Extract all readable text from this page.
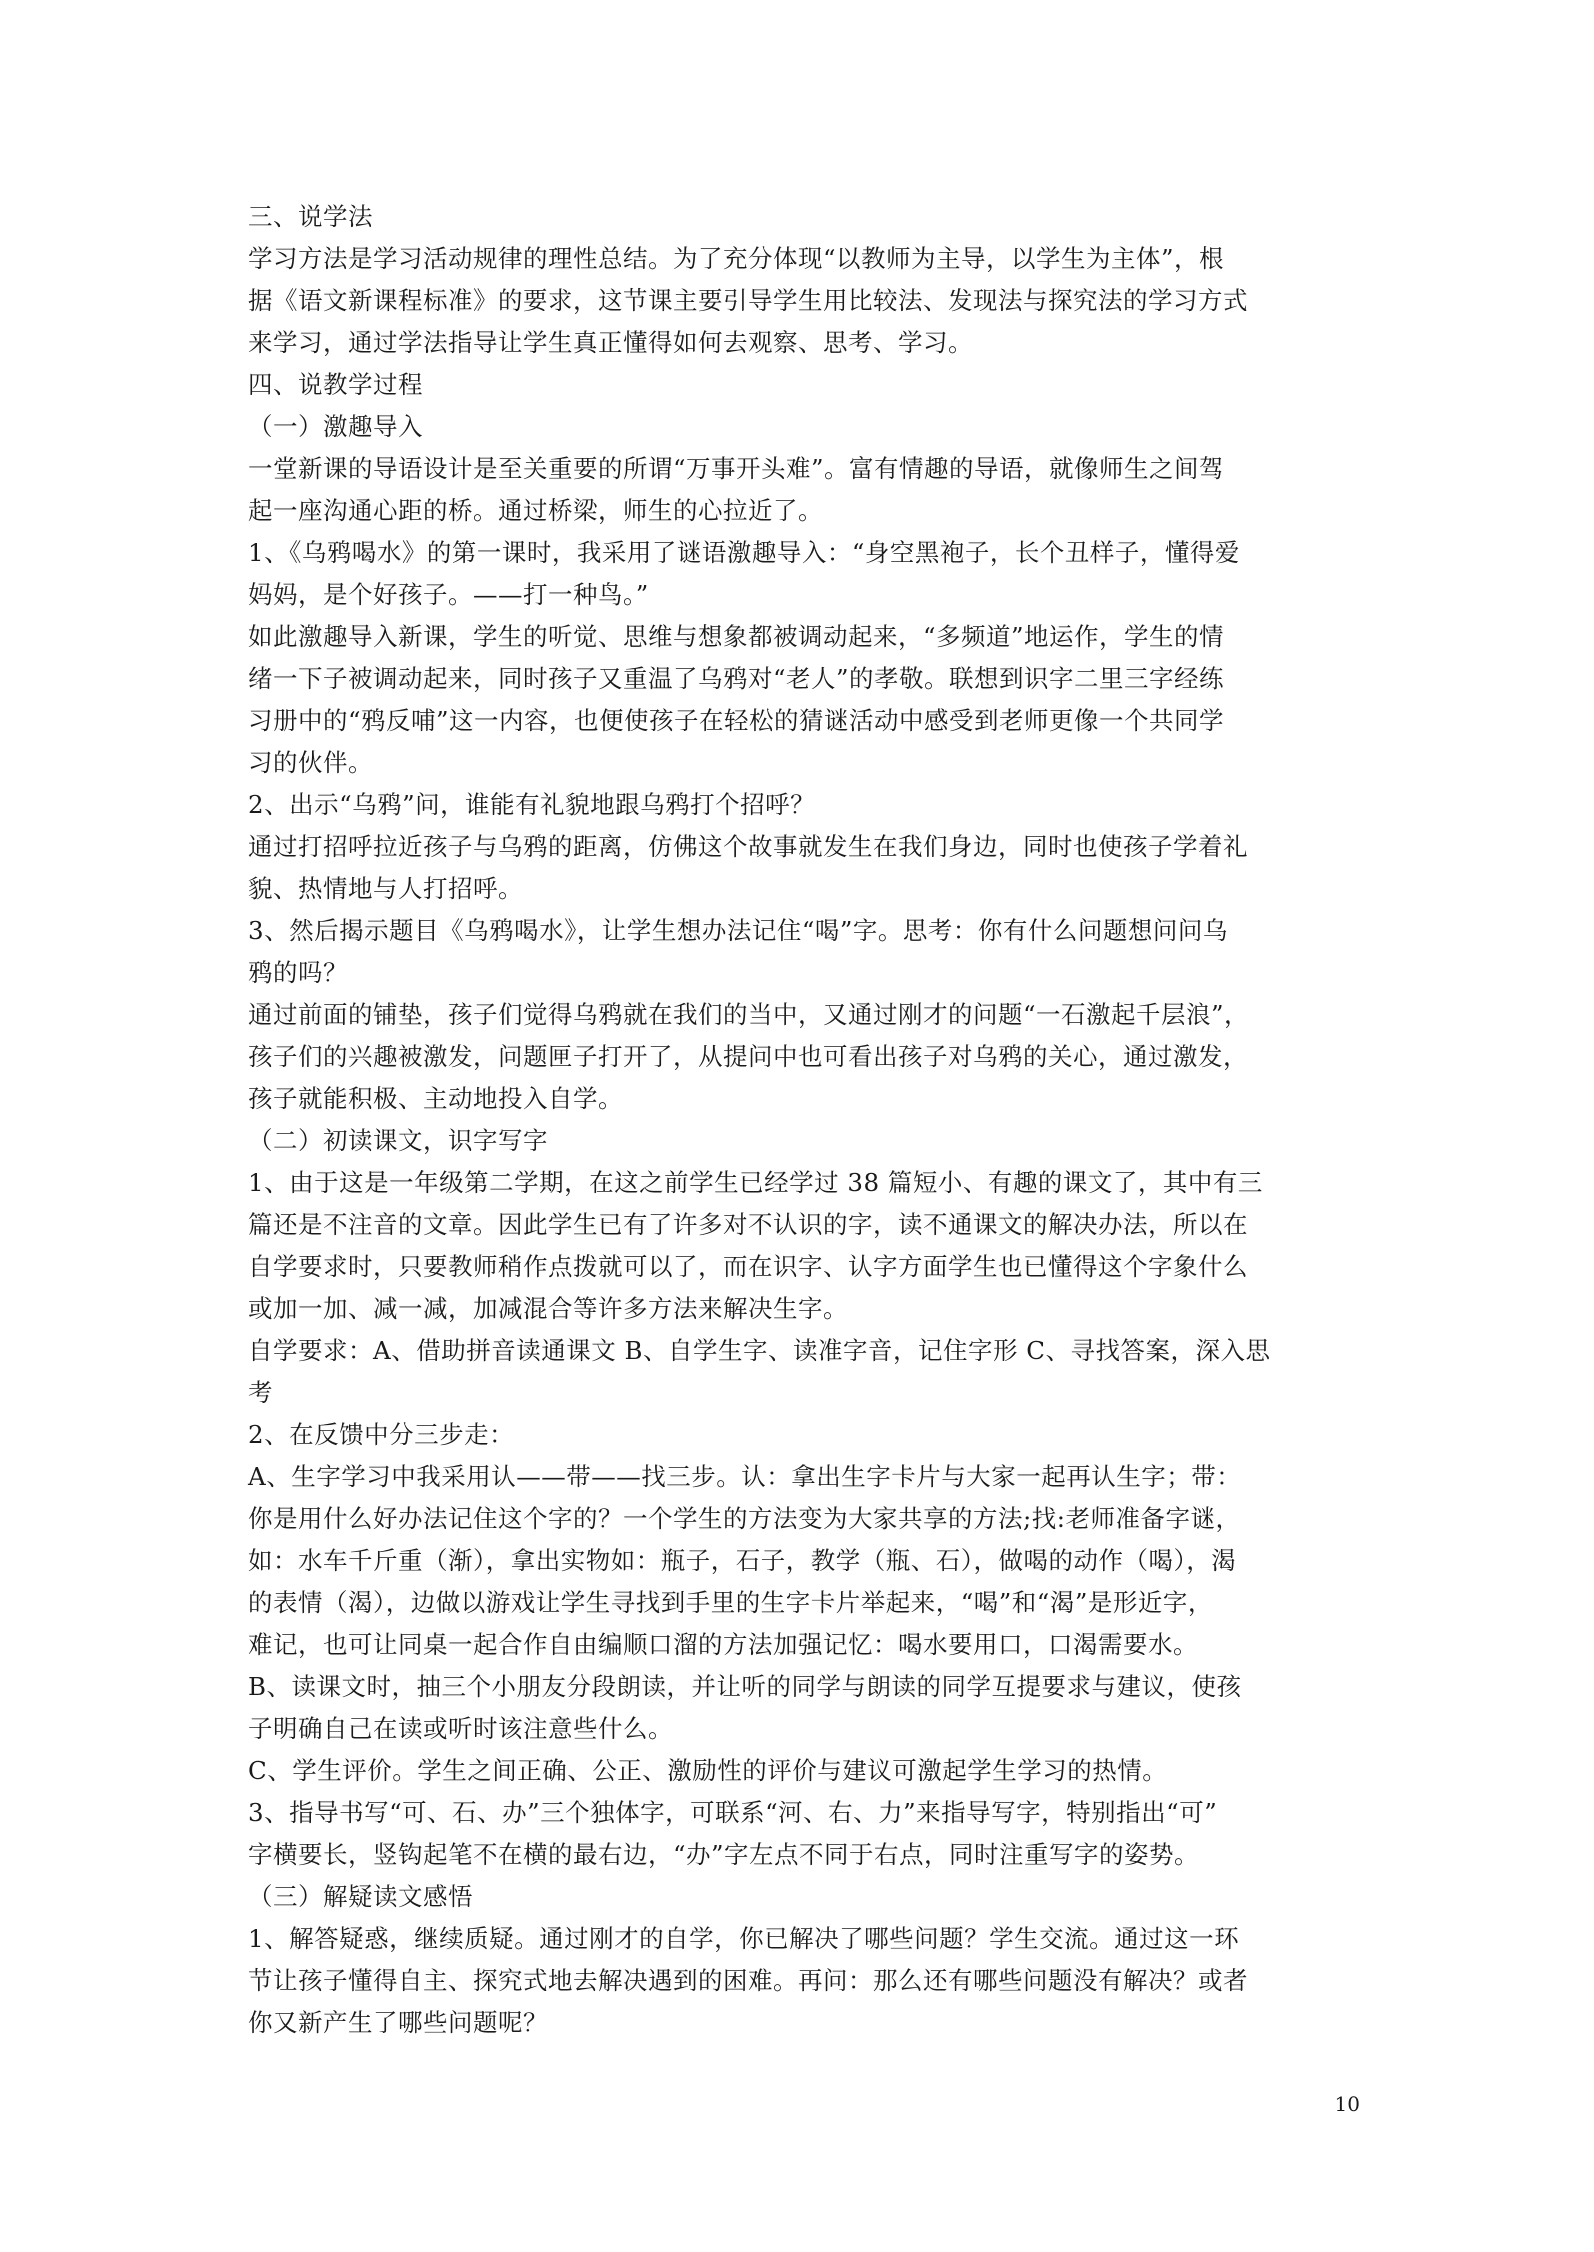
三、说学法
学习方法是学习活动规律的理性总结。为了充分体现“以教师为主导，以学生为主体”，根
据《语文新课程标准》的要求，这节课主要引导学生用比较法、发现法与探究法的学习方式
来学习，通过学法指导让学生真正懂得如何去观察、思考、学习。
四、说教学过程
（一）激趣导入
一堂新课的导语设计是至关重要的所谓“万事开头难”。富有情趣的导语，就像师生之间驾
起一座沟通心距的桥。通过桥梁，师生的心拉近了。
1、《乌鸦喝水》的第一课时，我采用了谜语激趣导入：“身空黑袍子，长个丑样子，懂得爱
妈妈，是个好孩子。——打一种鸟。”
如此激趣导入新课，学生的听觉、思维与想象都被调动起来，“多频道”地运作，学生的情
绪一下子被调动起来，同时孩子又重温了乌鸦对“老人”的孝敬。联想到识字二里三字经练
习册中的“鸦反哺”这一内容，也便使孩子在轻松的猜谜活动中感受到老师更像一个共同学
习的伙伴。
2、出示“乌鸦”问，谁能有礼貌地跟乌鸦打个招呼？
通过打招呼拉近孩子与乌鸦的距离，仿佛这个故事就发生在我们身边，同时也使孩子学着礼
貌、热情地与人打招呼。
3、然后揭示题目《乌鸦喝水》，让学生想办法记住“喝”字。思考：你有什么问题想问问乌
鸦的吗？
通过前面的铺垫，孩子们觉得乌鸦就在我们的当中，又通过刚才的问题“一石激起千层浪”，
孩子们的兴趣被激发，问题匣子打开了，从提问中也可看出孩子对乌鸦的关心，通过激发，
孩子就能积极、主动地投入自学。
（二）初读课文，识字写字
1、由于这是一年级第二学期，在这之前学生已经学过 38 篇短小、有趣的课文了，其中有三
篇还是不注音的文章。因此学生已有了许多对不认识的字，读不通课文的解决办法，所以在
自学要求时，只要教师稍作点拨就可以了，而在识字、认字方面学生也已懂得这个字象什么
或加一加、减一减，加减混合等许多方法来解决生字。
自学要求：A、借助拼音读通课文 B、自学生字、读准字音，记住字形 C、寻找答案，深入思
考
2、在反馈中分三步走：
A、生字学习中我采用认——带——找三步。认：拿出生字卡片与大家一起再认生字；带：
你是用什么好办法记住这个字的？一个学生的方法变为大家共享的方法;找:老师准备字谜，
如：水车千斤重（渐），拿出实物如：瓶子，石子，教学（瓶、石），做喝的动作（喝），渴
的表情（渴），边做以游戏让学生寻找到手里的生字卡片举起来，“喝”和“渴”是形近字，
难记，也可让同桌一起合作自由编顺口溜的方法加强记忆：喝水要用口，口渴需要水。
B、读课文时，抽三个小朋友分段朗读，并让听的同学与朗读的同学互提要求与建议，使孩
子明确自己在读或听时该注意些什么。
C、学生评价。学生之间正确、公正、激励性的评价与建议可激起学生学习的热情。
3、指导书写“可、石、办”三个独体字，可联系“河、右、力”来指导写字，特别指出“可”
字横要长，竖钩起笔不在横的最右边，“办”字左点不同于右点，同时注重写字的姿势。
（三）解疑读文感悟
1、解答疑惑，继续质疑。通过刚才的自学，你已解决了哪些问题？学生交流。通过这一环
节让孩子懂得自主、探究式地去解决遇到的困难。再问：那么还有哪些问题没有解决？或者
你又新产生了哪些问题呢？
10
